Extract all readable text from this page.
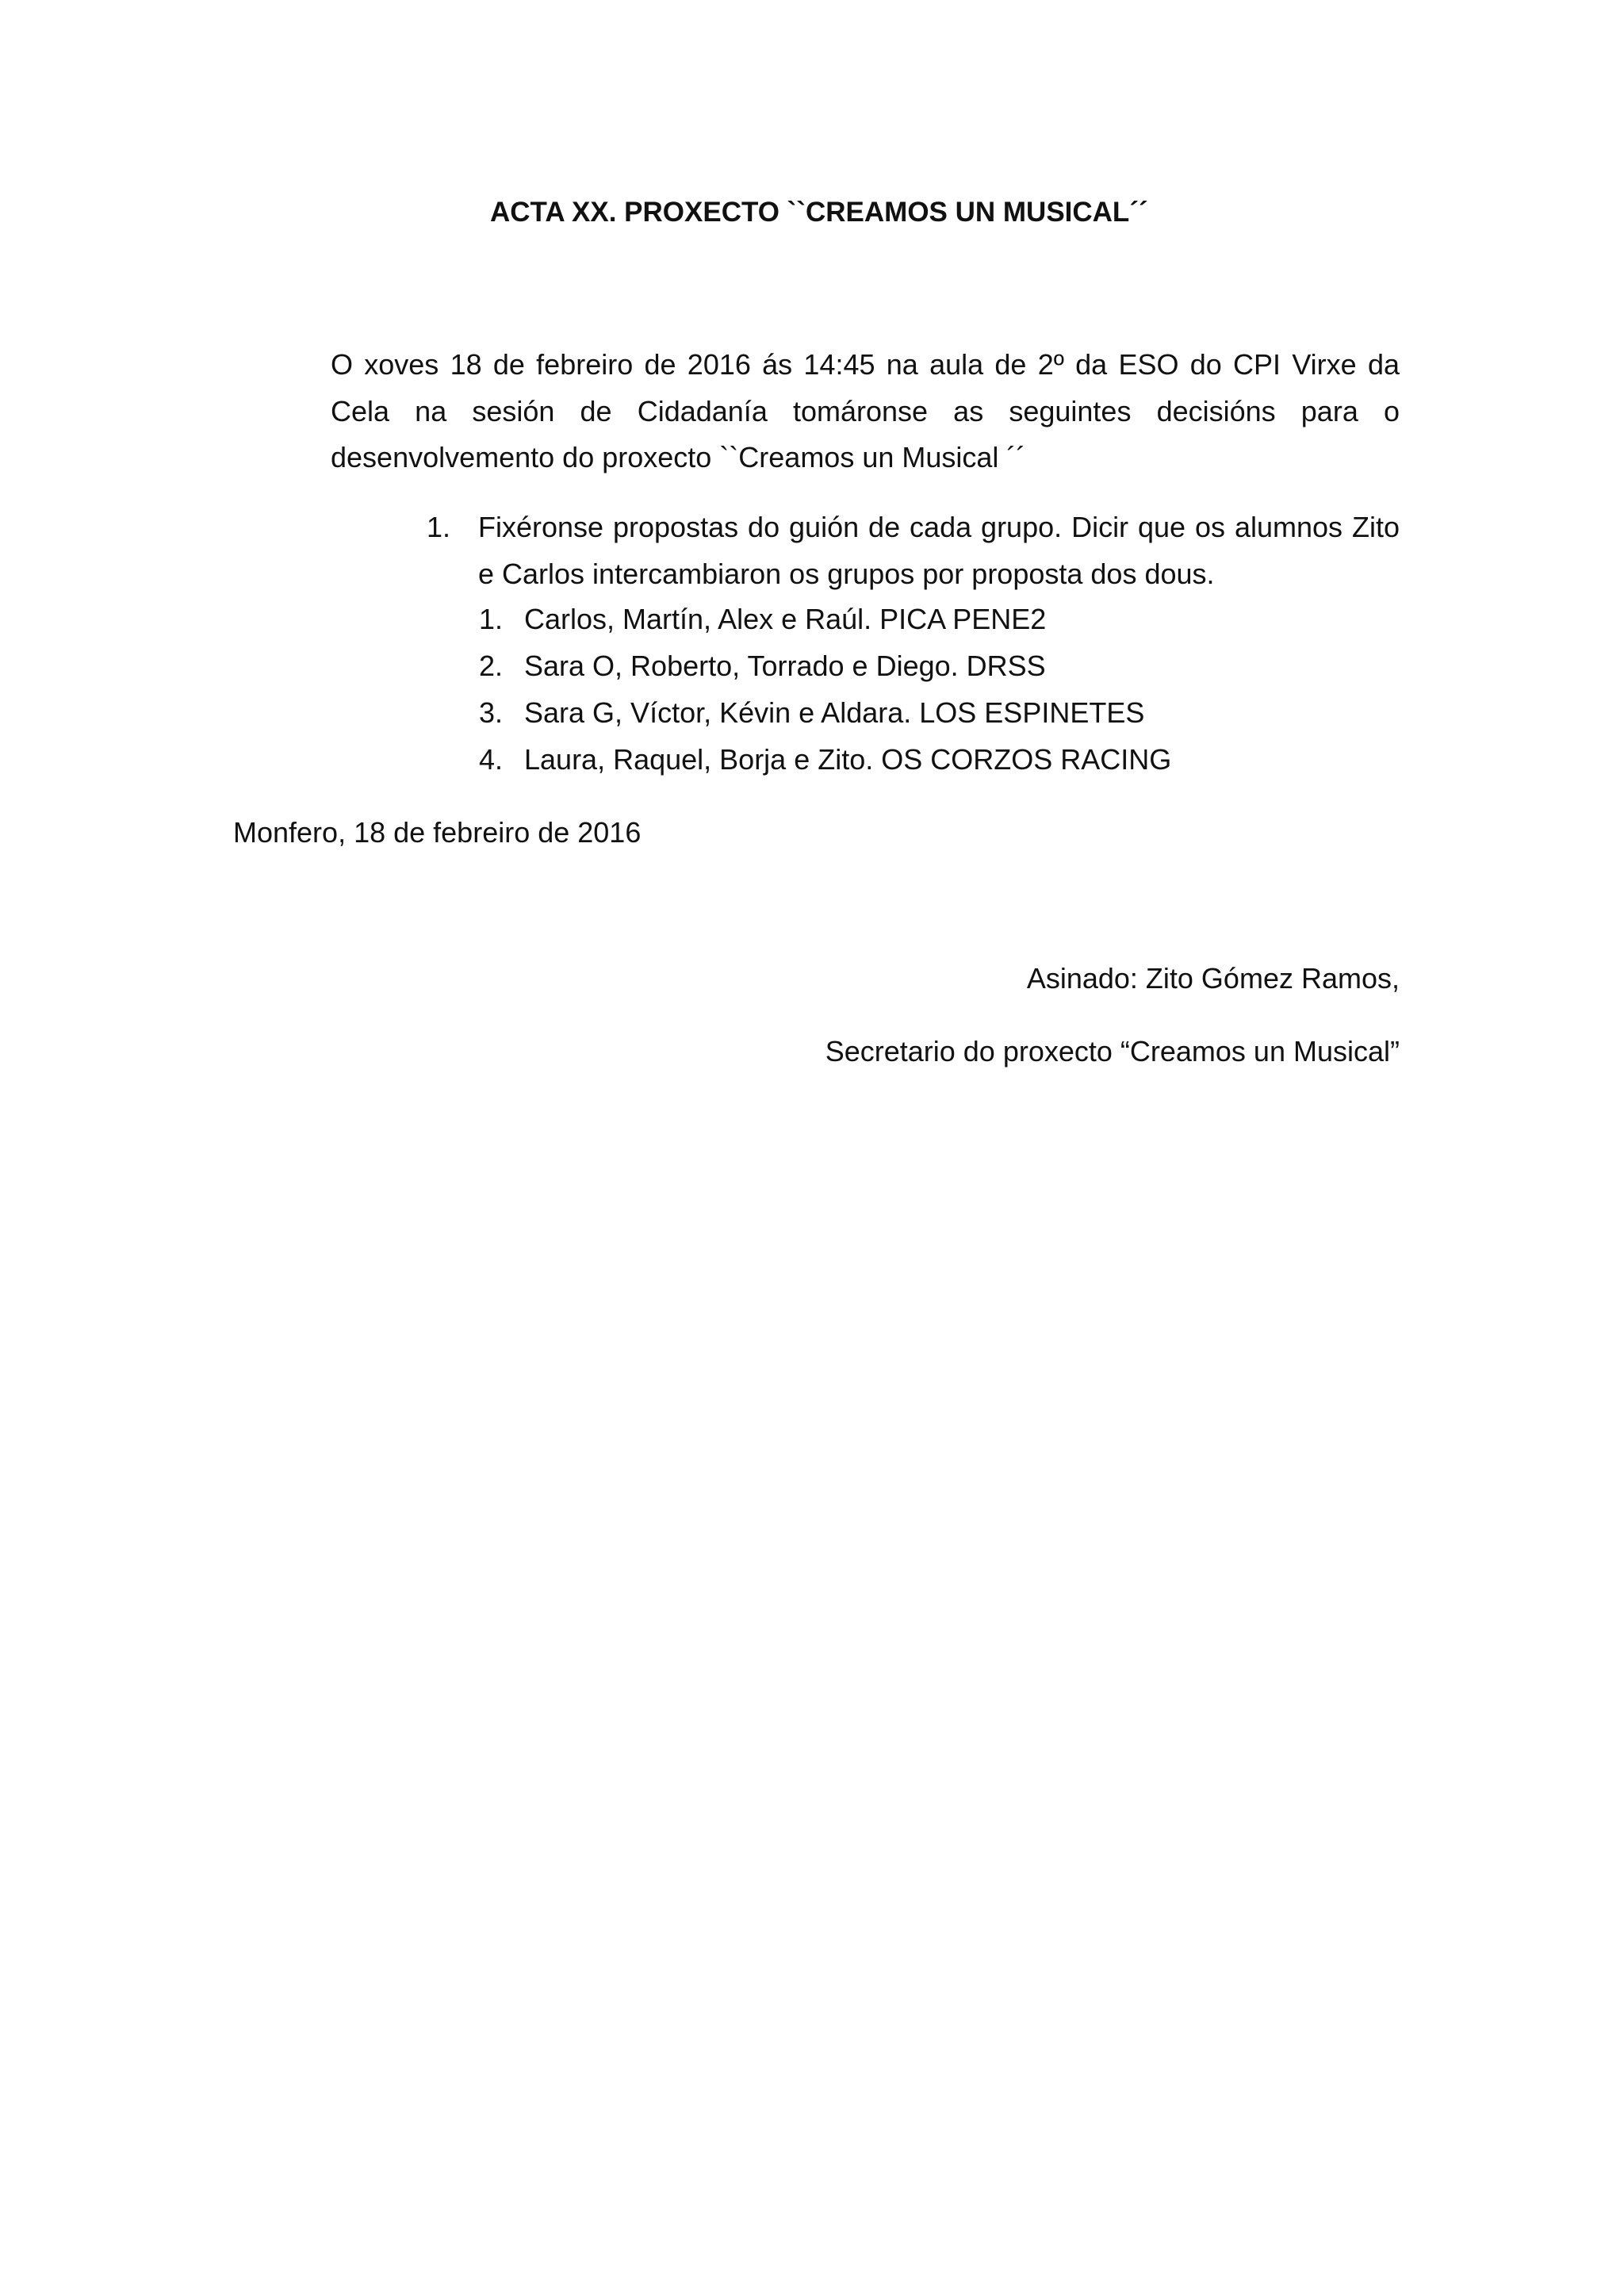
ACTA XX. PROXECTO ``CREAMOS UN MUSICAL´´

O xoves 18 de febreiro de 2016 ás 14:45 na aula de 2º da ESO do CPI Virxe da Cela na sesión de Cidadanía tomáronse as seguintes decisións para o desenvolvemento do proxecto ``Creamos un Musical ´´

1. Fixéronse propostas do guión de cada grupo. Dicir que os alumnos Zito e Carlos intercambiaron os grupos por proposta dos dous.
1. Carlos, Martín, Alex e Raúl. PICA PENE2
2. Sara O, Roberto, Torrado e Diego. DRSS
3. Sara G, Víctor, Kévin e Aldara. LOS ESPINETES
4. Laura, Raquel, Borja e Zito. OS CORZOS RACING
Monfero, 18 de febreiro de 2016
Asinado: Zito Gómez Ramos,
Secretario do proxecto “Creamos un Musical”
